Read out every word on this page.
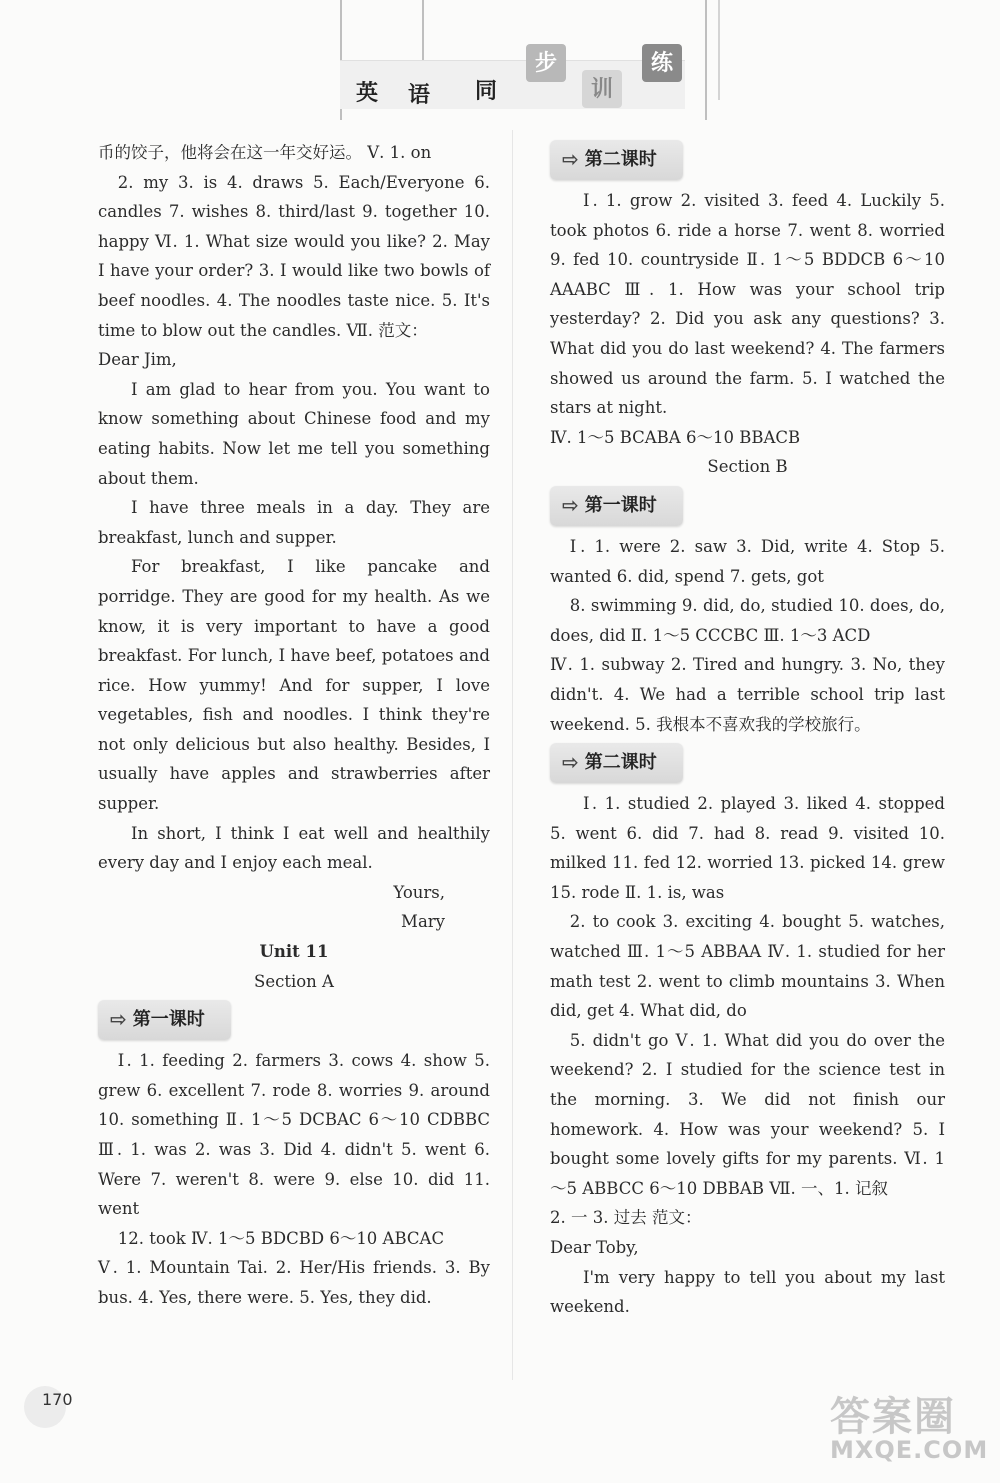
英 语 同
步
训
练

币的饺子，他将会在这一年交好运。 Ⅴ. 1. on

2. my 3. is 4. draws 5. Each/Everyone 6. candles 7. wishes 8. third/last 9. together 10. happy Ⅵ. 1. What size would you like? 2. May I have your order? 3. I would like two bowls of beef noodles. 4. The noodles taste nice. 5. It's time to blow out the candles. Ⅶ. 范文：

Dear Jim,

I am glad to hear from you. You want to know something about Chinese food and my eating habits. Now let me tell you something about them.

I have three meals in a day. They are breakfast, lunch and supper.

For breakfast, I like pancake and porridge. They are good for my health. As we know, it is very important to have a good breakfast. For lunch, I have beef, potatoes and rice. How yummy! And for supper, I love vegetables, fish and noodles. I think they're not only delicious but also healthy. Besides, I usually have apples and strawberries after supper.

In short, I think I eat well and healthily every day and I enjoy each meal.

Yours,

Mary

Unit 11

Section A

⇨ 第一课时

Ⅰ. 1. feeding 2. farmers 3. cows 4. show 5. grew 6. excellent 7. rode 8. worries 9. around 10. something Ⅱ. 1～5 DCBAC 6～10 CDBBC Ⅲ. 1. was 2. was 3. Did 4. didn't 5. went 6. Were 7. weren't 8. were 9. else 10. did 11. went

12. took Ⅳ. 1～5 BDCBD 6～10 ABCAC

Ⅴ. 1. Mountain Tai. 2. Her/His friends. 3. By bus. 4. Yes, there were. 5. Yes, they did.

⇨ 第二课时

Ⅰ. 1. grow 2. visited 3. feed 4. Luckily 5. took photos 6. ride a horse 7. went 8. worried 9. fed 10. countryside Ⅱ. 1～5 BDDCB 6～10 AAABC Ⅲ. 1. How was your school trip yesterday? 2. Did you ask any questions? 3. What did you do last weekend? 4. The farmers showed us around the farm. 5. I watched the stars at night.

Ⅳ. 1～5 BCABA 6～10 BBACB

Section B

⇨ 第一课时

Ⅰ. 1. were 2. saw 3. Did, write 4. Stop 5. wanted 6. did, spend 7. gets, got

8. swimming 9. did, do, studied 10. does, do, does, did Ⅱ. 1～5 CCCBC Ⅲ. 1～3 ACD

Ⅳ. 1. subway 2. Tired and hungry. 3. No, they didn't. 4. We had a terrible school trip last weekend. 5. 我根本不喜欢我的学校旅行。

⇨ 第二课时

Ⅰ. 1. studied 2. played 3. liked 4. stopped 5. went 6. did 7. had 8. read 9. visited 10. milked 11. fed 12. worried 13. picked 14. grew 15. rode Ⅱ. 1. is, was

2. to cook 3. exciting 4. bought 5. watches, watched Ⅲ. 1～5 ABBAA Ⅳ. 1. studied for her math test 2. went to climb mountains 3. When did, get 4. What did, do

5. didn't go Ⅴ. 1. What did you do over the weekend? 2. I studied for the science test in the morning. 3. We did not finish our homework. 4. How was your weekend? 5. I bought some lovely gifts for my parents. Ⅵ. 1～5 ABBCC 6～10 DBBAB Ⅶ. 一、1. 记叙

2. 一 3. 过去 范文：

Dear Toby,

I'm very happy to tell you about my last weekend.

170	答案圈
MXQE.COM
